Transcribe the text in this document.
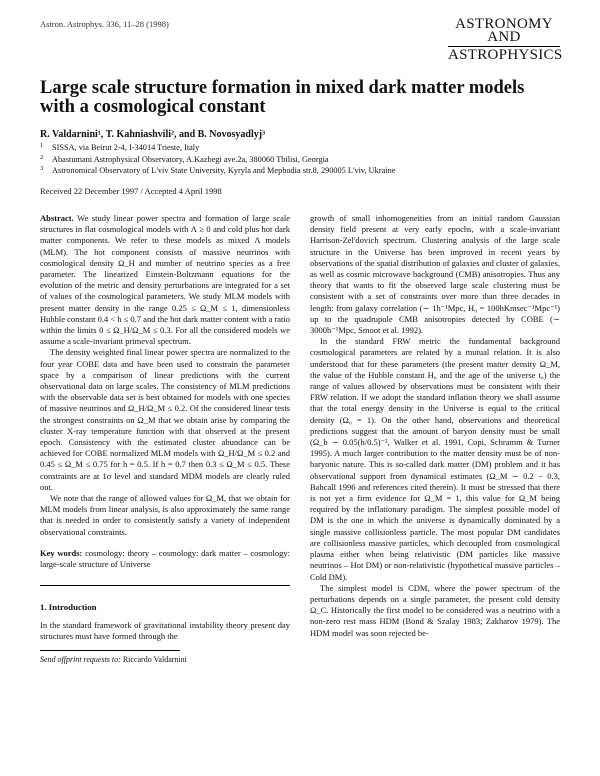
Astron. Astrophys. 336, 11–28 (1998)	ASTRONOMY
AND
ASTROPHYSICS
Large scale structure formation in mixed dark matter models with a cosmological constant
R. Valdarnini¹, T. Kahniashvili², and B. Novosyadlyj³
1 SISSA, via Beirut 2-4, I-34014 Trieste, Italy
2 Abastumani Astrophysical Observatory, A.Kazbegi ave.2a, 380060 Tbilisi, Georgia
3 Astronomical Observatory of L'viv State University, Kyryla and Mephodia str.8, 290005 L'viv, Ukraine
Received 22 December 1997 / Accepted 4 April 1998

Abstract. We study linear power spectra and formation of large scale structures in flat cosmological models with Λ ≥ 0 and cold plus hot dark matter components. We refer to these models as mixed Λ models (MLM). The hot component consists of massive neutrinos with cosmological density Ω_H and number of neutrino species as a free parameter. The linearized Einstein-Boltzmann equations for the evolution of the metric and density perturbations are integrated for a set of values of the cosmological parameters. We study MLM models with present matter density in the range 0.25 ≤ Ω_M ≤ 1, dimensionless Hubble constant 0.4 < h ≤ 0.7 and the hot dark matter content with a ratio within the limits 0 ≤ Ω_H/Ω_M ≤ 0.3. For all the considered models we assume a scale-invariant primeval spectrum.

The density weighted final linear power spectra are normalized to the four year COBE data and have been used to constrain the parameter space by a comparison of linear predictions with the current observational data on large scales. The consistency of MLM predictions with the observable data set is best obtained for models with one species of massive neutrinos and Ω_H/Ω_M ≤ 0.2. Of the considered linear tests the strongest constraints on Ω_M that we obtain arise by comparing the cluster X-ray temperature function with that observed at the present epoch. Consistency with the estimated cluster abundance can be achieved for COBE normalized MLM models with Ω_H/Ω_M ≤ 0.2 and 0.45 ≤ Ω_M ≤ 0.75 for h = 0.5. If h = 0.7 then 0.3 ≤ Ω_M ≤ 0.5. These constraints are at 1σ level and standard MDM models are clearly ruled out.

We note that the range of allowed values for Ω_M, that we obtain for MLM models from linear analysis, is also approximately the same range that is needed in order to consistently satisfy a variety of independent observational constraints.

Key words: cosmology: theory – cosmology: dark matter – cosmology: large-scale structure of Universe
1. Introduction

In the standard framework of gravitational instability theory present day structures must have formed through the

Send offprint requests to: Riccardo Valdarnini

growth of small inhomogeneities from an initial random Gaussian density field present at very early epochs, with a scale-invariant Harrison-Zel'dovich spectrum. Clustering analysis of the large scale structure in the Universe has been improved in recent years by observations of the spatial distribution of galaxies and cluster of galaxies, as well as cosmic microwave background (CMB) anisotropies. Thus any theory that wants to fit the observed large scale clustering must be consistent with a set of constraints over more than three decades in length: from galaxy correlation (∼ 1h⁻¹Mpc, H₀ = 100hKmsec⁻¹Mpc⁻¹) up to the quadrupole CMB anisotropies detected by COBE (∼ 3000h⁻¹Mpc, Smoot et al. 1992).

In the standard FRW metric the fundamental background cosmological parameters are related by a mutual relation. It is also understood that for these parameters (the present matter density Ω_M, the value of the Hubble constant H₀ and the age of the universe t₀) the range of values allowed by observations must be consistent with their FRW relation. If we adopt the standard inflation theory we shall assume that the total energy density in the Universe is equal to the critical density (Ω₀ = 1). On the other hand, observations and theoretical predictions suggest that the amount of baryon density must be small (Ω_b ∼ 0.05(h/0.5)⁻², Walker et al. 1991, Copi, Schramm & Turner 1995). A much larger contribution to the matter density must be of non-baryonic nature. This is so-called dark matter (DM) problem and it has observational support from dynamical estimates (Ω_M ∼ 0.2 − 0.3, Bahcall 1996 and references cited therein). It must be stressed that there is not yet a firm evidence for Ω_M = 1, this value for Ω_M being required by the inflationary paradigm. The simplest possible model of DM is the one in which the universe is dynamically dominated by a single massive collisionless particle. The most popular DM candidates are collisionless massive particles, which decoupled from cosmological plasma either when being relativistic (DM particles like massive neutrinos – Hot DM) or non-relativistic (hypothetical massive particles – Cold DM).

The simplest model is CDM, where the power spectrum of the perturbations depends on a single parameter, the present cold density Ω_C. Historically the first model to be considered was a neutrino with a non-zero rest mass HDM (Bond & Szalay 1983; Zakharov 1979). The HDM model was soon rejected be-
